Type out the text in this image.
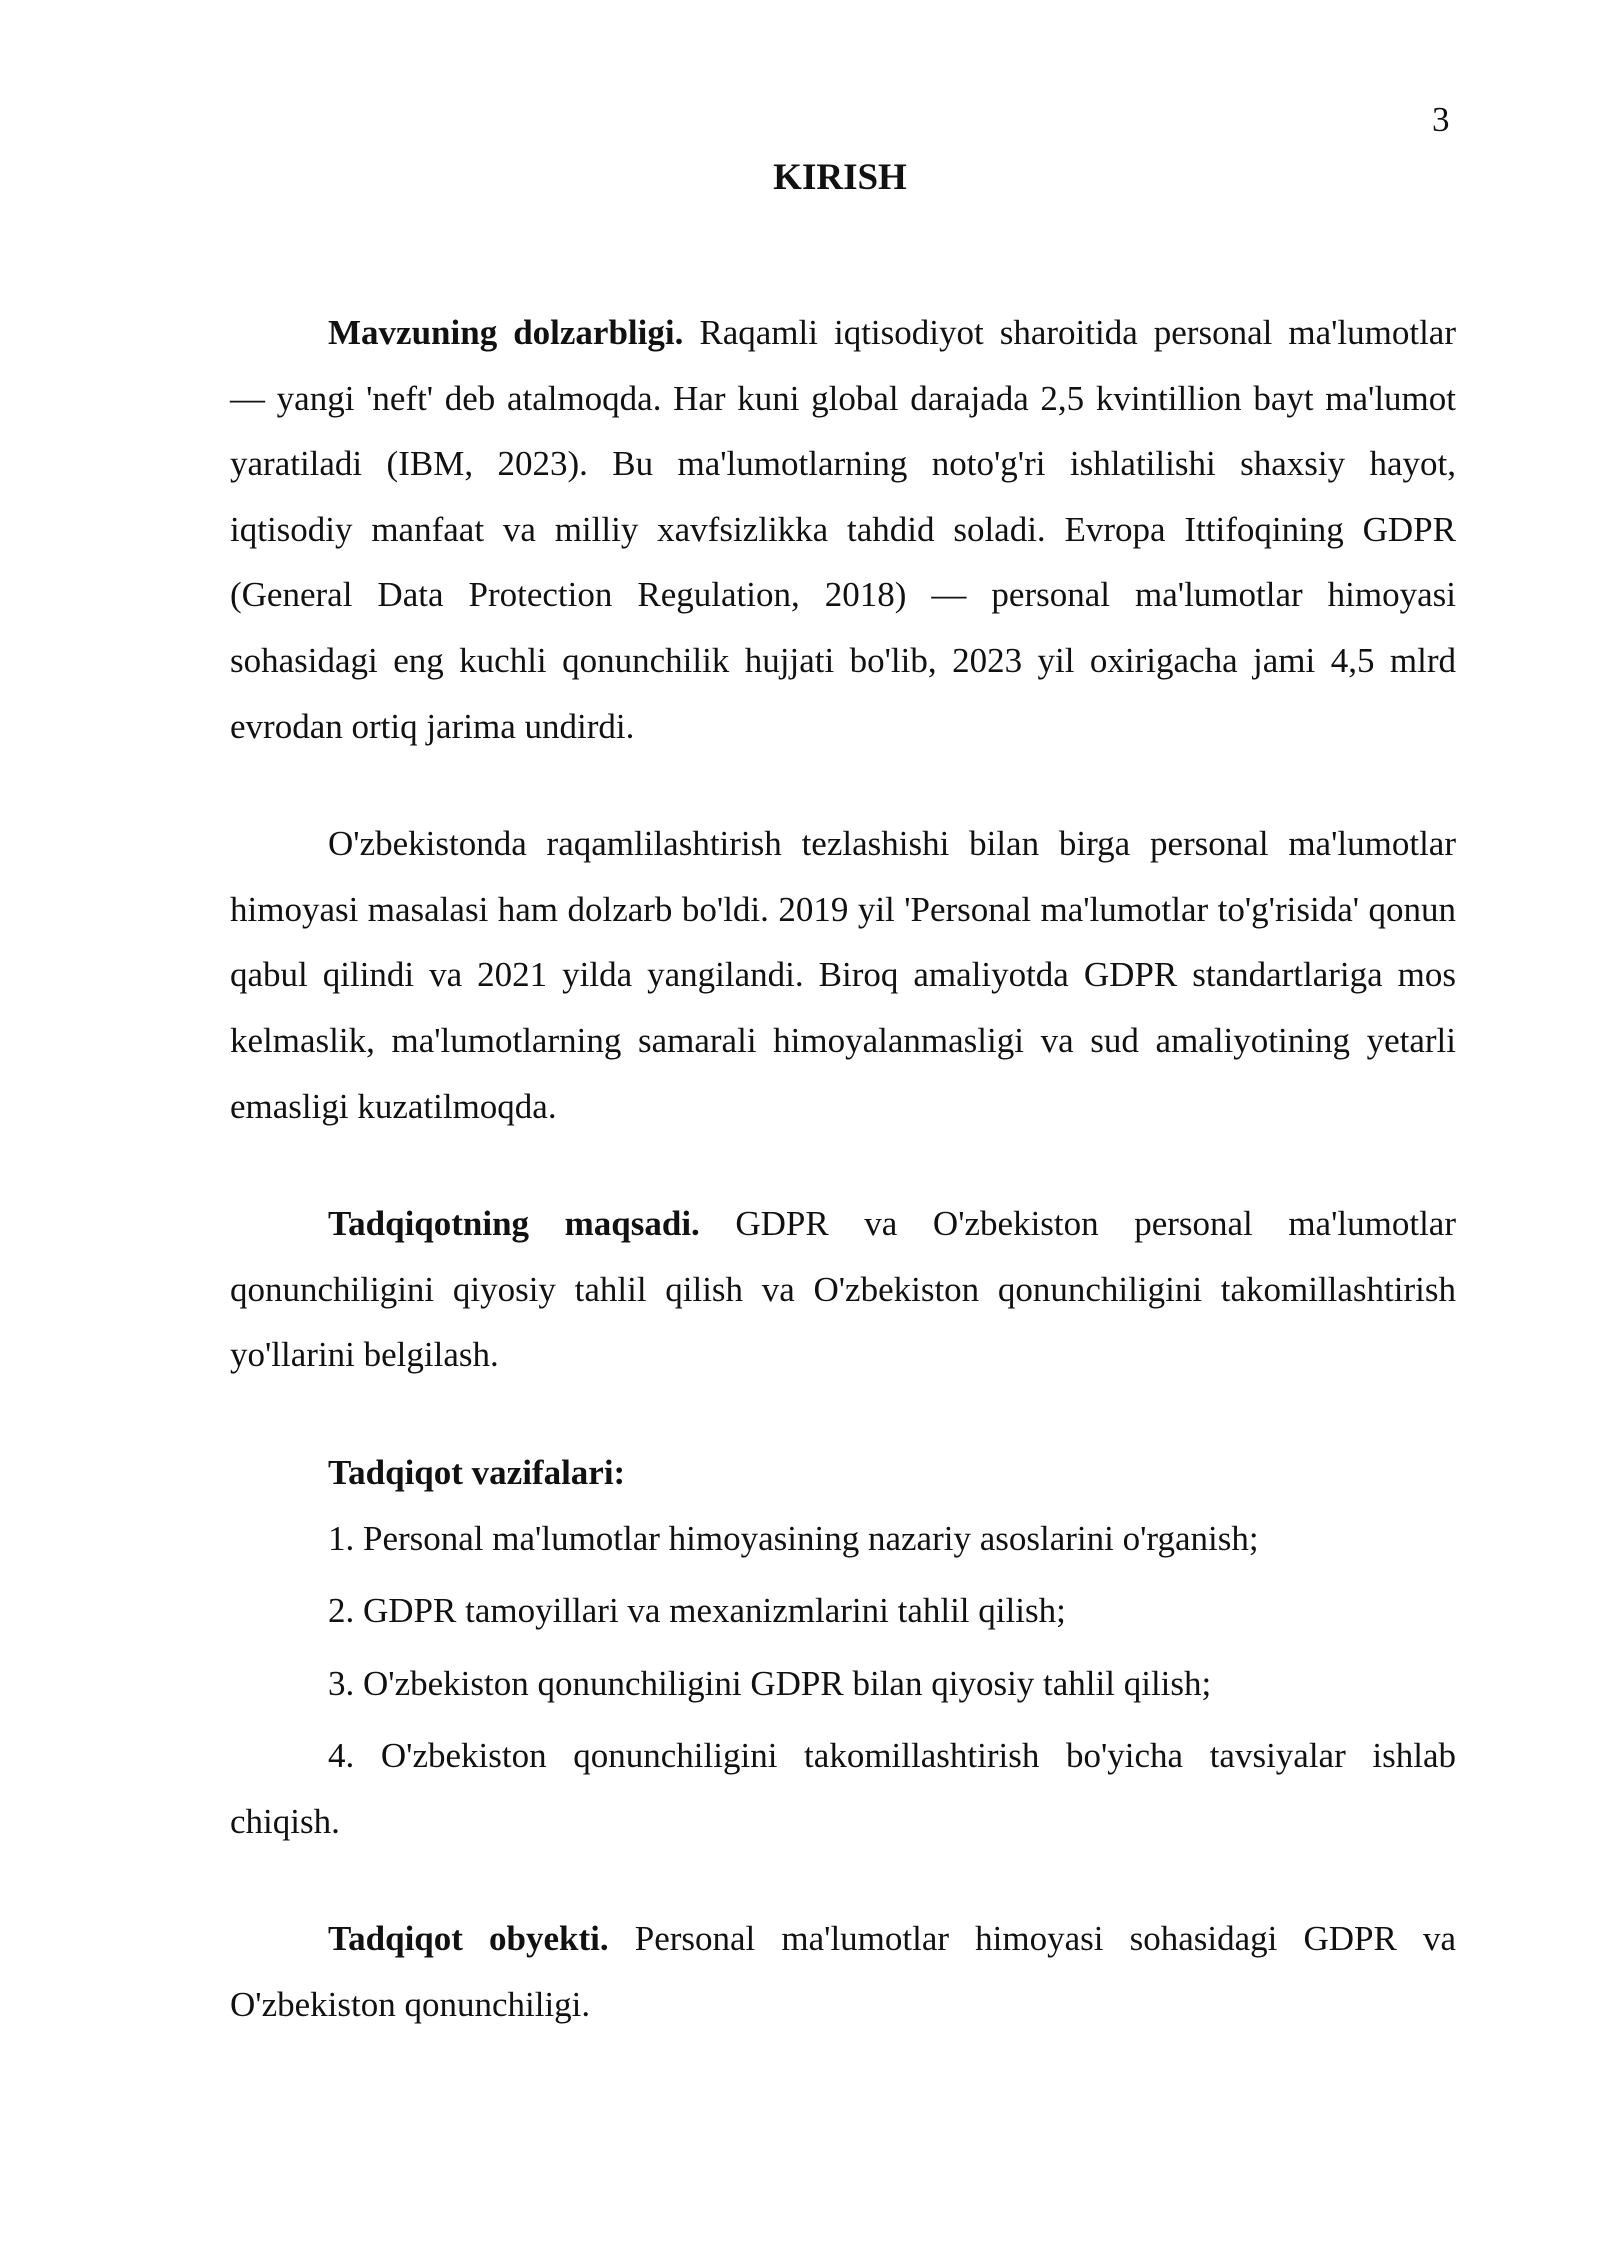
3

KIRISH

Mavzuning dolzarbligi. Raqamli iqtisodiyot sharoitida personal ma'lumotlar — yangi 'neft' deb atalmoqda. Har kuni global darajada 2,5 kvintillion bayt ma'lumot yaratiladi (IBM, 2023). Bu ma'lumotlarning noto'g'ri ishlatilishi shaxsiy hayot, iqtisodiy manfaat va milliy xavfsizlikka tahdid soladi. Evropa Ittifoqining GDPR (General Data Protection Regulation, 2018) — personal ma'lumotlar himoyasi sohasidagi eng kuchli qonunchilik hujjati bo'lib, 2023 yil oxirigacha jami 4,5 mlrd evrodan ortiq jarima undirdi.

O'zbekistonda raqamlilashtirish tezlashishi bilan birga personal ma'lumotlar himoyasi masalasi ham dolzarb bo'ldi. 2019 yil 'Personal ma'lumotlar to'g'risida' qonun qabul qilindi va 2021 yilda yangilandi. Biroq amaliyotda GDPR standartlariga mos kelmaslik, ma'lumotlarning samarali himoyalanmasligi va sud amaliyotining yetarli emasligi kuzatilmoqda.

Tadqiqotning maqsadi. GDPR va O'zbekiston personal ma'lumotlar qonunchiligini qiyosiy tahlil qilish va O'zbekiston qonunchiligini takomillashtirish yo'llarini belgilash.

Tadqiqot vazifalari:

1. Personal ma'lumotlar himoyasining nazariy asoslarini o'rganish;
2. GDPR tamoyillari va mexanizmlarini tahlil qilish;
3. O'zbekiston qonunchiligini GDPR bilan qiyosiy tahlil qilish;
4. O'zbekiston qonunchiligini takomillashtirish bo'yicha tavsiyalar ishlab chiqish.

Tadqiqot obyekti. Personal ma'lumotlar himoyasi sohasidagi GDPR va O'zbekiston qonunchiligi.
